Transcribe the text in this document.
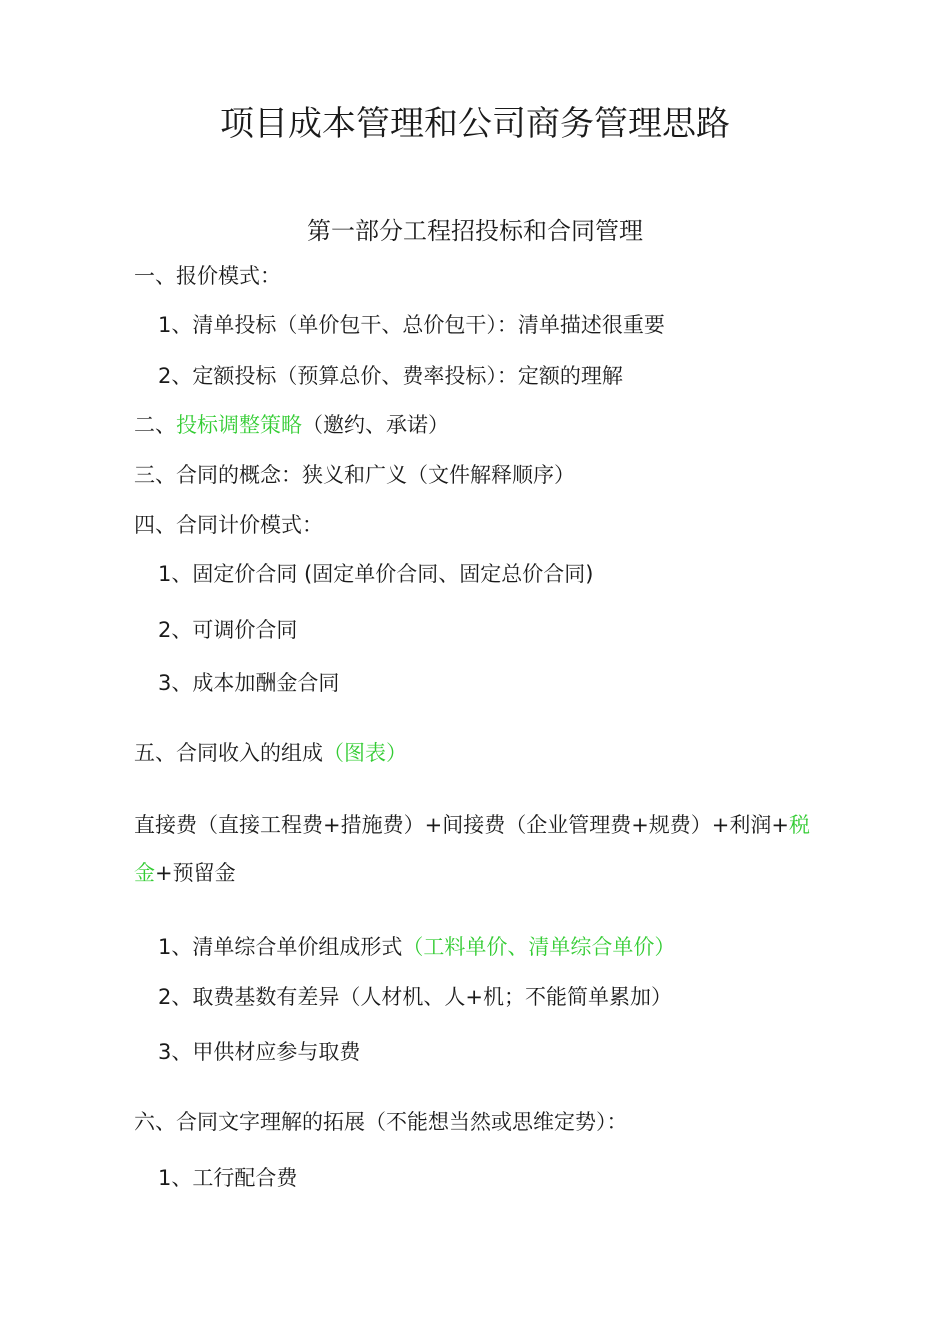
项目成本管理和公司商务管理思路
第一部分工程招投标和合同管理
一、报价模式：
1、清单投标（单价包干、总价包干）：清单描述很重要
2、定额投标（预算总价、费率投标）：定额的理解
二、投标调整策略（邀约、承诺）
三、合同的概念：狭义和广义（文件解释顺序）
四、合同计价模式：
1、固定价合同 (固定单价合同、固定总价合同)
2、可调价合同
3、成本加酬金合同
五、合同收入的组成（图表）
直接费（直接工程费+措施费）+间接费（企业管理费+规费）+利润+税
金+预留金
1、清单综合单价组成形式（工料单价、清单综合单价）
2、取费基数有差异（人材机、人+机；不能简单累加）
3、甲供材应参与取费
六、合同文字理解的拓展（不能想当然或思维定势）：
1、工行配合费
